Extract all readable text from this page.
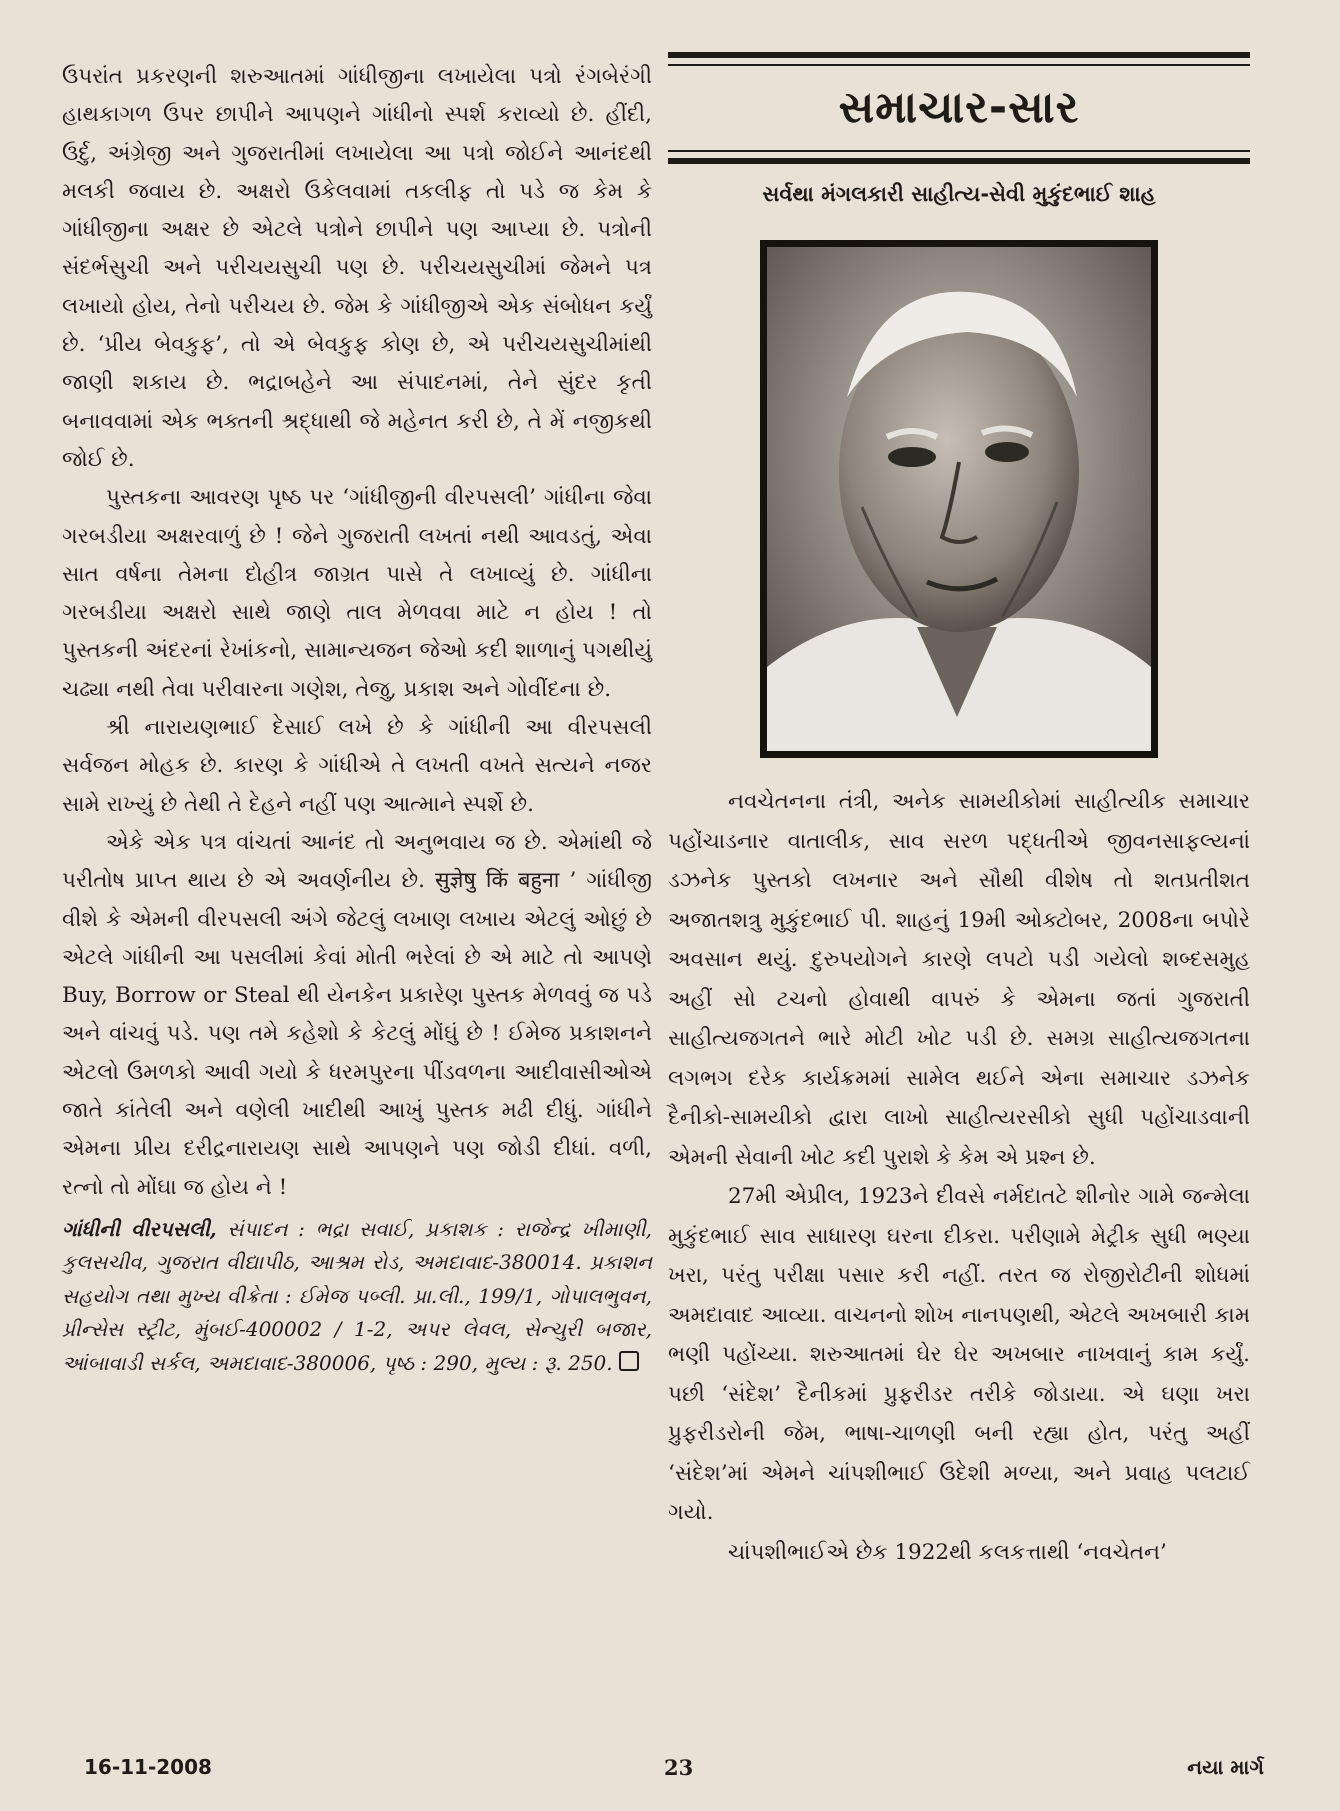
ઉપરાંત પ્રકરણની શરુઆતમાં ગાંધીજીના લખાયેલા પત્રો રંગબેરંગી હાથકાગળ ઉપર છાપીને આપણને ગાંધીનો સ્પર્શ કરાવ્યો છે. હીંદી, ઉર્દુ, અંગ્રેજી અને ગુજરાતીમાં લખાયેલા આ પત્રો જોઈને આનંદથી મલકી જવાય છે. અક્ષરો ઉકેલવામાં તકલીફ તો પડે જ કેમ કે ગાંધીજીના અક્ષર છે એટલે પત્રોને છાપીને પણ આપ્યા છે. પત્રોની સંદર્ભસુચી અને પરીચયસુચી પણ છે. પરીચયસુચીમાં જેમને પત્ર લખાયો હોય, તેનો પરીચય છે. જેમ કે ગાંધીજીએ એક સંબોધન કર્યું છે. ‘પ્રીય બેવકુફ’, તો એ બેવકુફ કોણ છે, એ પરીચયસુચીમાંથી જાણી શકાય છે. ભદ્રાબહેને આ સંપાદનમાં, તેને સુંદર કૃતી બનાવવામાં એક ભક્તની શ્રદ્ધાથી જે મહેનત કરી છે, તે મેં નજીકથી જોઈ છે.

પુસ્તકના આવરણ પૃષ્ઠ પર ‘ગાંધીજીની વીરપસલી’ ગાંધીના જેવા ગરબડીયા અક્ષરવાળું છે ! જેને ગુજરાતી લખતાં નથી આવડતું, એવા સાત વર્ષના તેમના દોહીત્ર જાગ્રત પાસે તે લખાવ્યું છે. ગાંધીના ગરબડીયા અક્ષરો સાથે જાણે તાલ મેળવવા માટે ન હોય ! તો પુસ્તકની અંદરનાં રેખાંકનો, સામાન્યજન જેઓ કદી શાળાનું પગથીયું ચઢ્યા નથી તેવા પરીવારના ગણેશ, તેજુ, પ્રકાશ અને ગોવીંદના છે.

શ્રી નારાયણભાઈ દેસાઈ લખે છે કે ગાંધીની આ વીરપસલી સર્વજન મોહક છે. કારણ કે ગાંધીએ તે લખતી વખતે સત્યને નજર સામે રાખ્યું છે તેથી તે દેહને નહીં પણ આત્માને સ્પર્શે છે.

એકે એક પત્ર વાંચતાં આનંદ તો અનુભવાય જ છે. એમાંથી જે પરીતોષ પ્રાપ્ત થાય છે એ અવર્ણનીય છે. सुज्ञेषु किं बहुना ’ ગાંધીજી વીશે કે એમની વીરપસલી અંગે જેટલું લખાણ લખાય એટલું ઓછું છે એટલે ગાંધીની આ પસલીમાં કેવાં મોતી ભરેલાં છે એ માટે તો આપણે Buy, Borrow or Steal થી યેનકેન પ્રકારેણ પુસ્તક મેળવવું જ પડે અને વાંચવું પડે. પણ તમે કહેશો કે કેટલું મોંઘું છે ! ઈમેજ પ્રકાશનને એટલો ઉમળકો આવી ગયો કે ધરમપુરના પીંડવળના આદીવાસીઓએ જાતે કાંતેલી અને વણેલી ખાદીથી આખું પુસ્તક મઢી દીધું. ગાંધીને એમના પ્રીય દરીદ્રનારાયણ સાથે આપણને પણ જોડી દીધાં. વળી, રત્નો તો મોંઘા જ હોય ને !

ગાંધીની વીરપસલી, સંપાદન : ભદ્રા સવાઈ, પ્રકાશક : રાજેન્દ્ર ખીમાણી, કુલસચીવ, ગુજરાત વીદ્યાપીઠ, આશ્રમ રોડ, અમદાવાદ-380014. પ્રકાશન સહયોગ તથા મુખ્ય વીક્રેતા : ઈમેજ પબ્લી. પ્રા.લી., 199/1, ગોપાલભુવન, પ્રીન્સેસ સ્ટ્રીટ, મુંબઈ-400002 / 1-2, અપર લેવલ, સેન્ચુરી બજાર, આંબાવાડી સર્કલ, અમદાવાદ-380006, પૃષ્ઠ : 290, મુલ્ય : રૂ. 250.

સમાચાર-સાર
સર્વથા મંગલકારી સાહીત્ય-સેવી મુકુંદભાઈ શાહ

નવચેતનના તંત્રી, અનેક સામયીકોમાં સાહીત્યીક સમાચાર પહોંચાડનાર વાતાલીક, સાવ સરળ પદ્ધતીએ જીવનસાફલ્યનાં ડઝનેક પુસ્તકો લખનાર અને સૌથી વીશેષ તો શતપ્રતીશત અજાતશત્રુ મુકુંદભાઈ પી. શાહનું 19મી ઓક્ટોબર, 2008ના બપોરે અવસાન થયું. દુરુપયોગને કારણે લપટો પડી ગયેલો શબ્દસમુહ અહીં સો ટચનો હોવાથી વાપરું કે એમના જતાં ગુજરાતી સાહીત્યજગતને ભારે મોટી ખોટ પડી છે. સમગ્ર સાહીત્યજગતના લગભગ દરેક કાર્યક્રમમાં સામેલ થઈને એના સમાચાર ડઝનેક દૈનીકો-સામયીકો દ્વારા લાખો સાહીત્યરસીકો સુધી પહોંચાડવાની એમની સેવાની ખોટ કદી પુરાશે કે કેમ એ પ્રશ્ન છે.

27મી એપ્રીલ, 1923ને દીવસે નર્મદાતટે શીનોર ગામે જન્મેલા મુકુંદભાઈ સાવ સાધારણ ઘરના દીકરા. પરીણામે મેટ્રીક સુધી ભણ્યા ખરા, પરંતુ પરીક્ષા પસાર કરી નહીં. તરત જ રોજીરોટીની શોધમાં અમદાવાદ આવ્યા. વાચનનો શોખ નાનપણથી, એટલે અખબારી કામ ભણી પહોંચ્યા. શરુઆતમાં ઘેર ઘેર અખબાર નાખવાનું કામ કર્યું. પછી ‘સંદેશ’ દૈનીકમાં પ્રુફરીડર તરીકે જોડાયા. એ ઘણા ખરા પ્રુફરીડરોની જેમ, ભાષા-ચાળણી બની રહ્યા હોત, પરંતુ અહીં ‘સંદેશ’માં એમને ચાંપશીભાઈ ઉદેશી મળ્યા, અને પ્રવાહ પલટાઈ ગયો.

ચાંપશીભાઈએ છેક 1922થી કલકત્તાથી ‘નવચેતન’

16-11-2008	23	નયા માર્ગ
